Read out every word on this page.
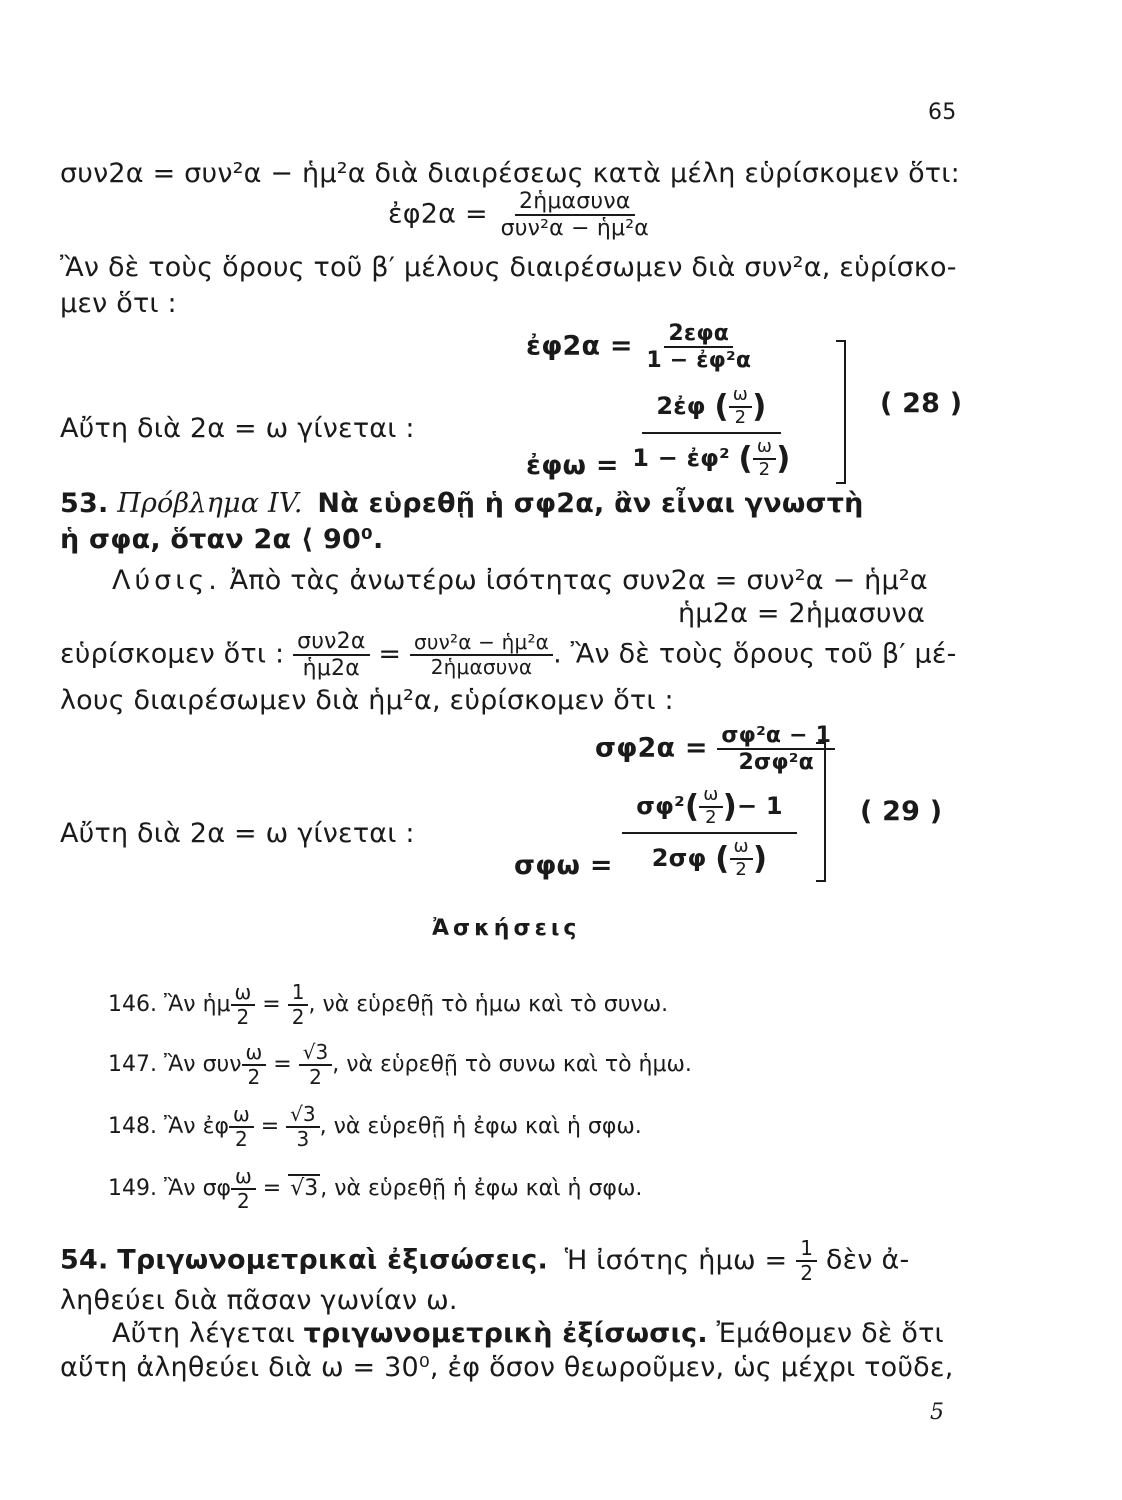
65
συν2α = συν²α − ἡμ²α διὰ διαιρέσεως κατὰ μέλη εὑρίσκομεν ὅτι:
ἐφ2α = $\frac{\text{2ἡμασυνα}}{\text{συν²α − ἡμ²α}}$
Ἂν δὲ τοὺς ὅρους τοῦ β′ μέλους διαιρέσωμεν διὰ συν²α, εὑρίσκο-
μεν ὅτι :
ἐφ2α = $\frac{\text{2εφα}}{\text{1 − ἐφ²α}}$
Αὔτη διὰ 2α = ω γίνεται :
ἐφω = $\frac{2ἐ\varphi ( \frac{\omega}{2} )}{1 - ἐ\varphi^2 ( \frac{\omega}{2} )}$	( 28 )
53. Πρόβλημα IV. Νὰ εὑρεθῇ ἡ σφ2α, ἂν εἶναι γνωστὴ
ἡ σφα, ὅταν 2α ⟨ 90⁰.
Λύσις. Ἀπὸ τὰς ἀνωτέρω ἰσότητας συν2α = συν²α − ἡμ²α
ἡμ2α = 2ἡμασυνα
εὑρίσκομεν ὅτι : $\frac{\text{συν2α}}{\text{ἡμ2α}} = \frac{\text{συν²α − ἡμ²α}}{\text{2ἡμασυνα}}$ . Ἂν δὲ τοὺς ὅρους τοῦ β′ μέ-
λους διαιρέσωμεν διὰ ἡμ²α, εὑρίσκομεν ὅτι :
$\sigma\varphi 2\alpha = \frac{\text{σφ²α − 1}}{\text{2σφ²α}}$
Αὔτη διὰ 2α = ω γίνεται :
$\sigma\varphi\omega = \frac{\sigma\varphi^2( \frac{\omega}{2} )- 1}{2\sigma\varphi ( \frac{\omega}{2} )}$ ( 29 )
Ἀσκήσεις
146. Ἂν ἡμ $\frac{\omega}{2} = \frac{1}{2}$ , νὰ εὑρεθῇ τὸ ἡμω καὶ τὸ συνω.
147. Ἂν συν $\frac{\omega}{2} = \frac{√3}{2}$ , νὰ εὑρεθῇ τὸ συνω καὶ τὸ ἡμω.
148. Ἂν ἐφ $\frac{\omega}{2} = \frac{√3}{3}$ , νὰ εὑρεθῇ ἡ ἐφω καὶ ἡ σφω.
149. Ἂν σφ $\frac{\omega}{2} = √3$, νὰ εὑρεθῇ ἡ ἐφω καὶ ἡ σφω.
54. Τριγωνομετρικαὶ ἐξισώσεις. Ἡ ἰσότης ἡμω = $\frac{1}{2}$ δὲν ἀ-
ληθεύει διὰ πᾶσαν γωνίαν ω.
Αὔτη λέγεται τριγωνομετρικὴ ἐξίσωσις. Ἐμάθομεν δὲ ὅτι
αὕτη ἀληθεύει διὰ ω = 30⁰, ἐφ ὅσον θεωροῦμεν, ὡς μέχρι τοῦδε,
5
